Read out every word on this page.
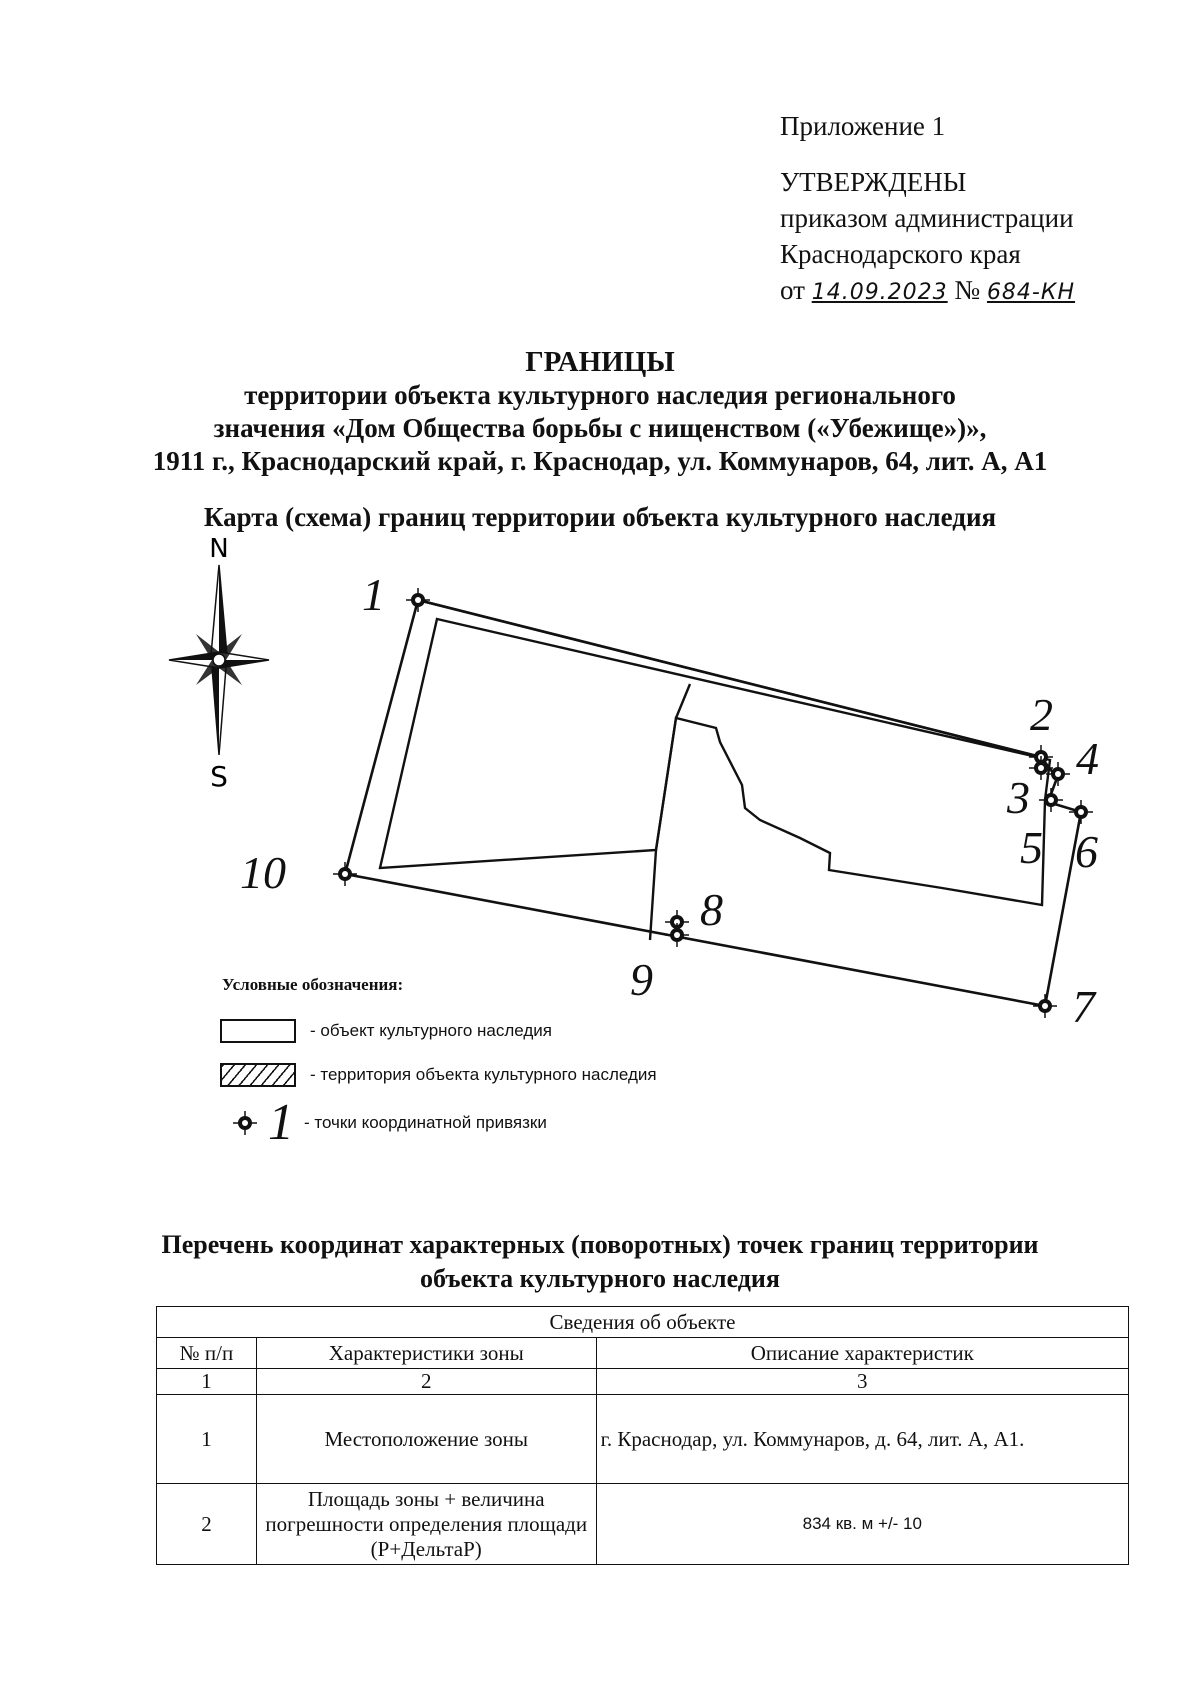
Приложение 1
УТВЕРЖДЕНЫ
приказом администрации
Краснодарского края
от 14.09.2023 № 684-КН
ГРАНИЦЫ
территории объекта культурного наследия регионального
значения «Дом Общества борьбы с нищенством («Убежище»)»,
1911 г., Краснодарский край, г. Краснодар, ул. Коммунаров, 64, лит. А, А1
Карта (схема) границ территории объекта культурного наследия
N
S
1
2
3
4
5 6
7
8
9
10
Условные обозначения:
- объект культурного наследия
- территория объекта культурного наследия
1 - точки координатной привязки
Перечень координат характерных (поворотных) точек границ территории
объекта культурного наследия
Сведения об объекте		
№ п/п	Характеристики зоны	Описание характеристик
1	2	3
1	Местоположение зоны	г. Краснодар, ул. Коммунаров, д. 64, лит. А, А1.
2	Площадь зоны + величина погрешности определения площади (Р+ДельтаР)	834 кв. м +/- 10
